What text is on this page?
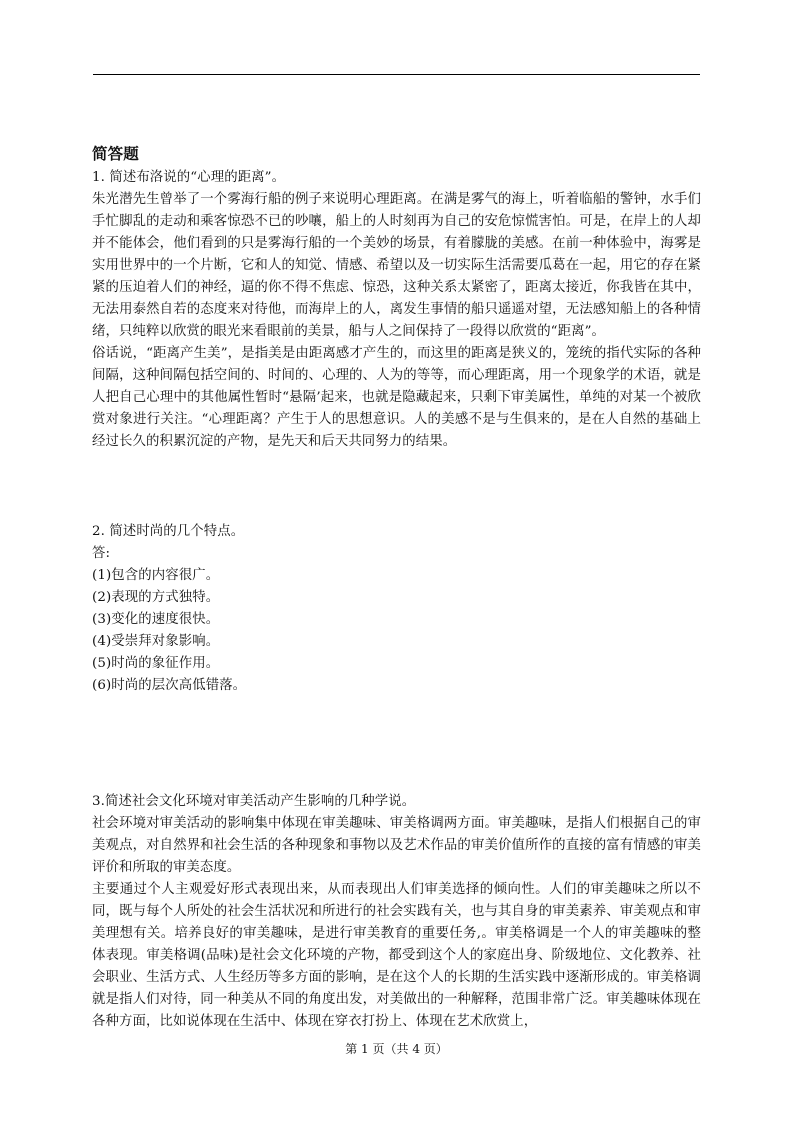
简答题

1. 简述布洛说的“心理的距离”。

朱光潜先生曾举了一个雾海行船的例子来说明心理距离。在满是雾气的海上，听着临船的警钟，水手们手忙脚乱的走动和乘客惊恐不已的吵嚷，船上的人时刻再为自己的安危惊慌害怕。可是，在岸上的人却并不能体会，他们看到的只是雾海行船的一个美妙的场景，有着朦胧的美感。在前一种体验中，海雾是实用世界中的一个片断，它和人的知觉、情感、希望以及一切实际生活需要瓜葛在一起，用它的存在紧紧的压迫着人们的神经，逼的你不得不焦虑、惊恐，这种关系太紧密了，距离太接近，你我皆在其中，无法用泰然自若的态度来对待他，而海岸上的人，离发生事情的船只遥遥对望，无法感知船上的各种情绪，只纯粹以欣赏的眼光来看眼前的美景，船与人之间保持了一段得以欣赏的“距离”。

俗话说，“距离产生美”，是指美是由距离感才产生的，而这里的距离是狭义的，笼统的指代实际的各种间隔，这种间隔包括空间的、时间的、心理的、人为的等等，而心理距离，用一个现象学的术语，就是人把自己心理中的其他属性暂时“悬隔’起来，也就是隐藏起来，只剩下审美属性，单纯的对某一个被欣赏对象进行关注。“心理距离？产生于人的思想意识。人的美感不是与生俱来的，是在人自然的基础上经过长久的积累沉淀的产物，是先天和后天共同努力的结果。

2. 简述时尚的几个特点。

答:

(1)包含的内容很广。
(2)表现的方式独特。
(3)变化的速度很快。
(4)受崇拜对象影响。
(5)时尚的象征作用。
(6)时尚的层次高低错落。

3.简述社会文化环境对审美活动产生影响的几种学说。

社会环境对审美活动的影响集中体现在审美趣味、审美格调两方面。审美趣味，是指人们根据自己的审美观点，对自然界和社会生活的各种现象和事物以及艺术作品的审美价值所作的直接的富有情感的审美评价和所取的审美态度。

主要通过个人主观爱好形式表现出来，从而表现出人们审美选择的倾向性。人们的审美趣味之所以不同，既与每个人所处的社会生活状况和所进行的社会实践有关，也与其自身的审美素养、审美观点和审美理想有关。培养良好的审美趣味，是进行审美教育的重要任务,。审美格调是一个人的审美趣味的整体表现。审美格调(品味)是社会文化环境的产物，都受到这个人的家庭出身、阶级地位、文化教养、社会职业、生活方式、人生经历等多方面的影响，是在这个人的长期的生活实践中逐渐形成的。审美格调就是指人们对待，同一种美从不同的角度出发，对美做出的一种解释，范围非常广泛。审美趣味体现在各种方面，比如说体现在生活中、体现在穿衣打扮上、体现在艺术欣赏上，

第 1 页（共 4 页）
